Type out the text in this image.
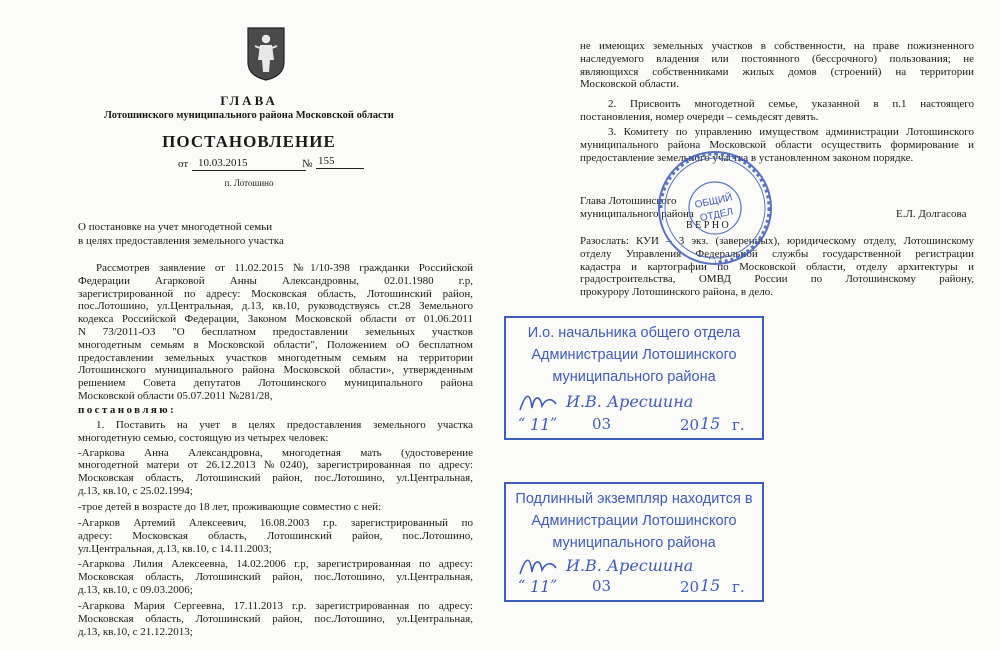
ГЛАВА
Лотошинского муниципального района Московской области
ПОСТАНОВЛЕНИЕ
от 10.03.2015	№ 155
п. Лотошино
О постановке на учет многодетной семьи
в целях предоставления земельного участка
Рассмотрев заявление от 11.02.2015 №1/10-398 гражданки Российской
Федерации Агарковой Анны Александровны, 02.01.1980 г.р,
зарегистрированной по адресу: Московская область, Лотошинский район,
пос.Лотошино, ул.Центральная, д.13, кв.10, руководствуясь ст.28 Земельного
кодекса Российской Федерации, Законом Московской области от 01.06.2011
N 73/2011-ОЗ "О бесплатном предоставлении земельных участков
многодетным семьям в Московской области", Положением оО бесплатном
предоставлении земельных участков многодетным семьям на территории
Лотошинского муниципального района Московской области», утвержденным
решением Совета депутатов Лотошинского муниципального района
Московской области 05.07.2011 №281/28,
постановляю:
1. Поставить на учет в целях предоставления земельного участка
многодетную семью, состоящую из четырех человек:
-Агаркова Анна Александровна, многодетная мать (удостоверение
многодетной матери от 26.12.2013 №0240), зарегистрированная по адресу:
Московская область, Лотошинский район, пос.Лотошино, ул.Центральная,
д.13, кв.10, с 25.02.1994;
-трое детей в возрасте до 18 лет, проживающие совместно с ней:
-Агарков Артемий Алексеевич, 16.08.2003 г.р. зарегистрированный по
адресу: Московская область, Лотошинский район, пос.Лотошино,
ул.Центральная, д.13, кв.10, с 14.11.2003;
-Агаркова Лилия Алексеевна, 14.02.2006 г.р, зарегистрированная по адресу:
Московская область, Лотошинский район, пос.Лотошино, ул.Центральная,
д.13, кв.10, с 09.03.2006;
-Агаркова Мария Сергеевна, 17.11.2013 г.р. зарегистрированная по адресу:
Московская область, Лотошинский район, пос.Лотошино, ул.Центральная,
д.13, кв.10, с 21.12.2013;
не имеющих земельных участков в собственности, на праве пожизненного
наследуемого владения или постоянного (бессрочного) пользования; не
являющихся собственниками жилых домов (строений) на территории
Московской области.
2. Присвоить многодетной семье, указанной в п.1 настоящего
постановления, номер очереди – семьдесят девять.
3. Комитету по управлению имуществом администрации Лотошинского
муниципального района Московской области осуществить формирование и
предоставление земельного участка в установленном законом порядке.
Глава Лотошинского
муниципального района	Е.Л. Долгасова
В Е Р Н О
Разослать: КУИ – 3 экз. (заверенных), юридическому отделу, Лотошинскому
отделу Управления Федеральной службы государственной регистрации
кадастра и картографии по Московской области, отделу архитектуры и
градостроительства, ОМВД России по Лотошинскому району,
прокурору Лотошинского района, в дело.
ОБЩИЙ
ОТДЕЛ
И.о. начальника общего отдела
Администрации Лотошинского
муниципального района
И.В. Аресшина
“ 11 ” 03	20 15 г.
Подлинный экземпляр находится в
Администрации Лотошинского
муниципального района
И.В. Аресшина
“ 11 ” 03	20 15 г.
